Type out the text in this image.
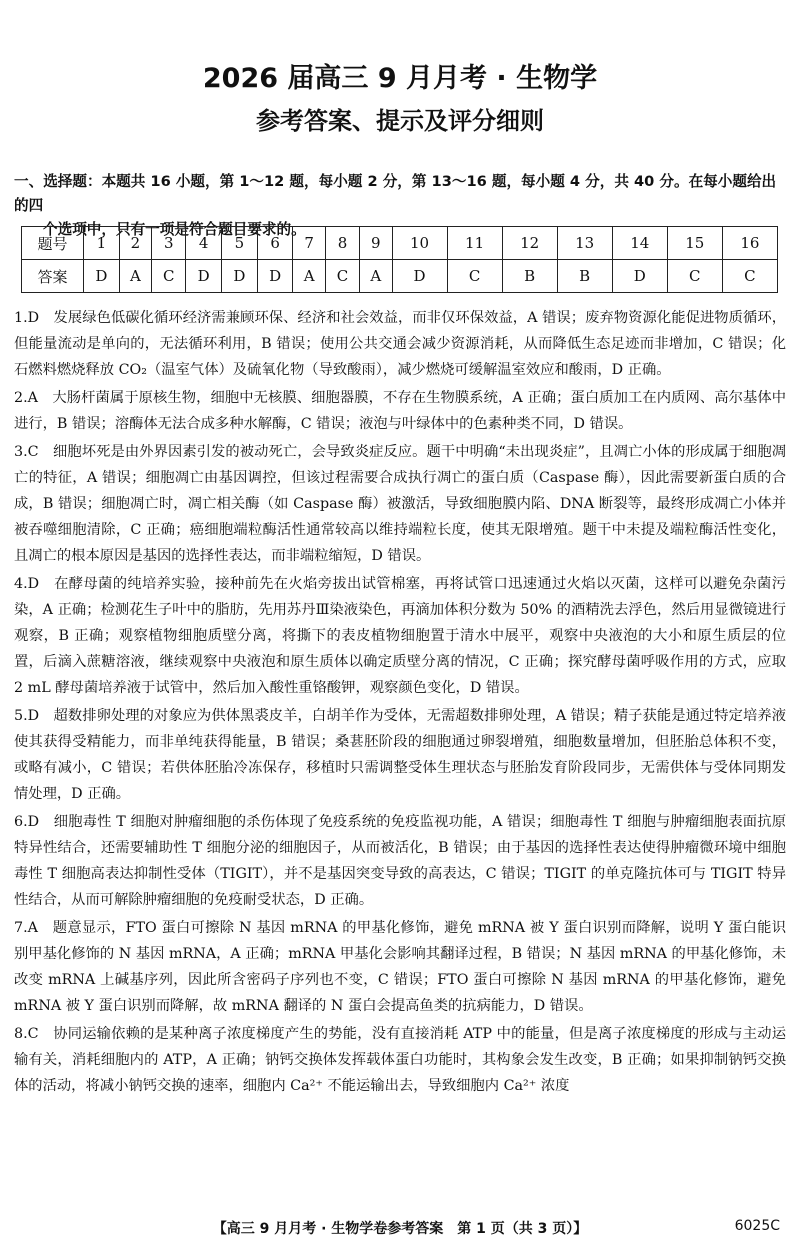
2026 届高三 9 月月考 · 生物学
参考答案、提示及评分细则

一、选择题：本题共 16 小题，第 1～12 题，每小题 2 分，第 13～16 题，每小题 4 分，共 40 分。在每小题给出的四
个选项中，只有一项是符合题目要求的。

题号	1	2	3	4	5	6	7	8	9	10	11	12	13	14	15	16
答案	D	A	C	D	D	D	A	C	A	D	C	B	B	D	C	C

1.D　 发展绿色低碳化循环经济需兼顾环保、经济和社会效益，而非仅环保效益，A 错误；废弃物资源化能促进物质循环，但能量流动是单向的，无法循环利用，B 错误；使用公共交通会减少资源消耗，从而降低生态足迹而非增加，C 错误；化石燃料燃烧释放 CO₂（温室气体）及硫氧化物（导致酸雨），减少燃烧可缓解温室效应和酸雨，D 正确。

2.A　 大肠杆菌属于原核生物，细胞中无核膜、细胞器膜，不存在生物膜系统，A 正确；蛋白质加工在内质网、高尔基体中进行，B 错误；溶酶体无法合成多种水解酶，C 错误；液泡与叶绿体中的色素种类不同，D 错误。

3.C　 细胞坏死是由外界因素引发的被动死亡，会导致炎症反应。题干中明确“未出现炎症”，且凋亡小体的形成属于细胞凋亡的特征，A 错误；细胞凋亡由基因调控，但该过程需要合成执行凋亡的蛋白质（Caspase 酶），因此需要新蛋白质的合成，B 错误；细胞凋亡时，凋亡相关酶（如 Caspase 酶）被激活，导致细胞膜内陷、DNA 断裂等，最终形成凋亡小体并被吞噬细胞清除，C 正确；癌细胞端粒酶活性通常较高以维持端粒长度，使其无限增殖。题干中未提及端粒酶活性变化，且凋亡的根本原因是基因的选择性表达，而非端粒缩短，D 错误。

4.D　 在酵母菌的纯培养实验，接种前先在火焰旁拔出试管棉塞，再将试管口迅速通过火焰以灭菌，这样可以避免杂菌污染，A 正确；检测花生子叶中的脂肪，先用苏丹Ⅲ染液染色，再滴加体积分数为 50% 的酒精洗去浮色，然后用显微镜进行观察，B 正确；观察植物细胞质壁分离，将撕下的表皮植物细胞置于清水中展平，观察中央液泡的大小和原生质层的位置，后滴入蔗糖溶液，继续观察中央液泡和原生质体以确定质壁分离的情况，C 正确；探究酵母菌呼吸作用的方式，应取 2 mL 酵母菌培养液于试管中，然后加入酸性重铬酸钾，观察颜色变化，D 错误。

5.D　 超数排卵处理的对象应为供体黑裘皮羊，白胡羊作为受体，无需超数排卵处理，A 错误；精子获能是通过特定培养液使其获得受精能力，而非单纯获得能量，B 错误；桑葚胚阶段的细胞通过卵裂增殖，细胞数量增加，但胚胎总体积不变，或略有减小，C 错误；若供体胚胎冷冻保存，移植时只需调整受体生理状态与胚胎发育阶段同步，无需供体与受体同期发情处理，D 正确。

6.D　 细胞毒性 T 细胞对肿瘤细胞的杀伤体现了免疫系统的免疫监视功能，A 错误；细胞毒性 T 细胞与肿瘤细胞表面抗原特异性结合，还需要辅助性 T 细胞分泌的细胞因子，从而被活化，B 错误；由于基因的选择性表达使得肿瘤微环境中细胞毒性 T 细胞高表达抑制性受体（TIGIT），并不是基因突变导致的高表达，C 错误；TIGIT 的单克隆抗体可与 TIGIT 特异性结合，从而可解除肿瘤细胞的免疫耐受状态，D 正确。

7.A　 题意显示，FTO 蛋白可擦除 N 基因 mRNA 的甲基化修饰，避免 mRNA 被 Y 蛋白识别而降解，说明 Y 蛋白能识别甲基化修饰的 N 基因 mRNA，A 正确；mRNA 甲基化会影响其翻译过程，B 错误；N 基因 mRNA 的甲基化修饰，未改变 mRNA 上碱基序列，因此所含密码子序列也不变，C 错误；FTO 蛋白可擦除 N 基因 mRNA 的甲基化修饰，避免 mRNA 被 Y 蛋白识别而降解，故 mRNA 翻译的 N 蛋白会提高鱼类的抗病能力，D 错误。

8.C　 协同运输依赖的是某种离子浓度梯度产生的势能，没有直接消耗 ATP 中的能量，但是离子浓度梯度的形成与主动运输有关，消耗细胞内的 ATP，A 正确；钠钙交换体发挥载体蛋白功能时，其构象会发生改变，B 正确；如果抑制钠钙交换体的活动，将减小钠钙交换的速率，细胞内 Ca²⁺ 不能运输出去，导致细胞内 Ca²⁺ 浓度

【高三 9 月月考 · 生物学卷参考答案　第 1 页（共 3 页）】	6025C
